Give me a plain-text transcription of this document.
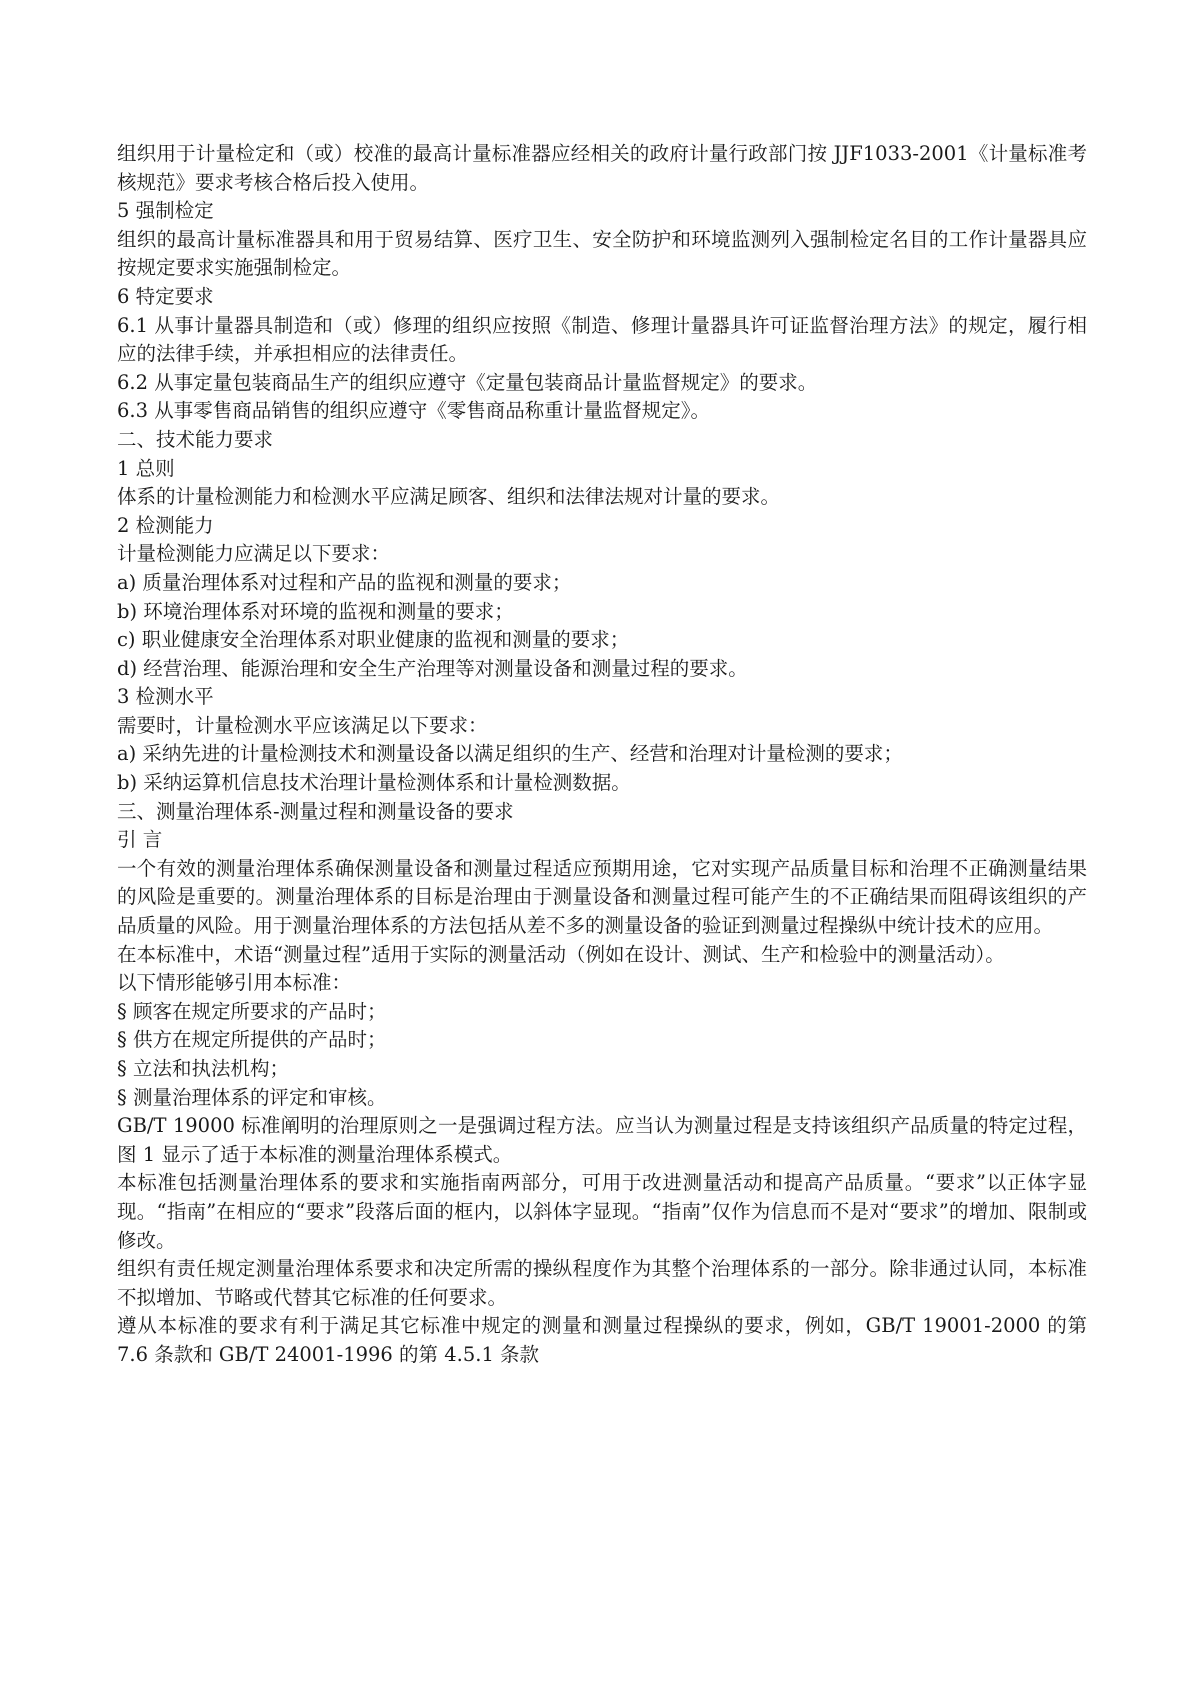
组织用于计量检定和（或）校准的最高计量标准器应经相关的政府计量行政部门按 JJF1033-2001《计量标准考核规范》要求考核合格后投入使用。

5 强制检定

组织的最高计量标准器具和用于贸易结算、医疗卫生、安全防护和环境监测列入强制检定名目的工作计量器具应按规定要求实施强制检定。

6 特定要求

6.1 从事计量器具制造和（或）修理的组织应按照《制造、修理计量器具许可证监督治理方法》的规定，履行相应的法律手续，并承担相应的法律责任。

6.2 从事定量包装商品生产的组织应遵守《定量包装商品计量监督规定》的要求。

6.3 从事零售商品销售的组织应遵守《零售商品称重计量监督规定》。

二、技术能力要求

1 总则

体系的计量检测能力和检测水平应满足顾客、组织和法律法规对计量的要求。

2 检测能力

计量检测能力应满足以下要求：

a) 质量治理体系对过程和产品的监视和测量的要求；

b) 环境治理体系对环境的监视和测量的要求；

c) 职业健康安全治理体系对职业健康的监视和测量的要求；

d) 经营治理、能源治理和安全生产治理等对测量设备和测量过程的要求。

3 检测水平

需要时，计量检测水平应该满足以下要求：

a) 采纳先进的计量检测技术和测量设备以满足组织的生产、经营和治理对计量检测的要求；

b) 采纳运算机信息技术治理计量检测体系和计量检测数据。

三、测量治理体系-测量过程和测量设备的要求

引 言

一个有效的测量治理体系确保测量设备和测量过程适应预期用途，它对实现产品质量目标和治理不正确测量结果的风险是重要的。测量治理体系的目标是治理由于测量设备和测量过程可能产生的不正确结果而阻碍该组织的产品质量的风险。用于测量治理体系的方法包括从差不多的测量设备的验证到测量过程操纵中统计技术的应用。

在本标准中，术语“测量过程”适用于实际的测量活动（例如在设计、测试、生产和检验中的测量活动）。

以下情形能够引用本标准：

§ 顾客在规定所要求的产品时；

§ 供方在规定所提供的产品时；

§ 立法和执法机构；

§ 测量治理体系的评定和审核。

GB/T 19000 标准阐明的治理原则之一是强调过程方法。应当认为测量过程是支持该组织产品质量的特定过程，图 1 显示了适于本标准的测量治理体系模式。

本标准包括测量治理体系的要求和实施指南两部分，可用于改进测量活动和提高产品质量。“要求”以正体字显现。“指南”在相应的“要求”段落后面的框内，以斜体字显现。“指南”仅作为信息而不是对“要求”的增加、限制或修改。

组织有责任规定测量治理体系要求和决定所需的操纵程度作为其整个治理体系的一部分。除非通过认同，本标准不拟增加、节略或代替其它标准的任何要求。

遵从本标准的要求有利于满足其它标准中规定的测量和测量过程操纵的要求，例如，GB/T 19001-2000 的第 7.6 条款和 GB/T 24001-1996 的第 4.5.1 条款
